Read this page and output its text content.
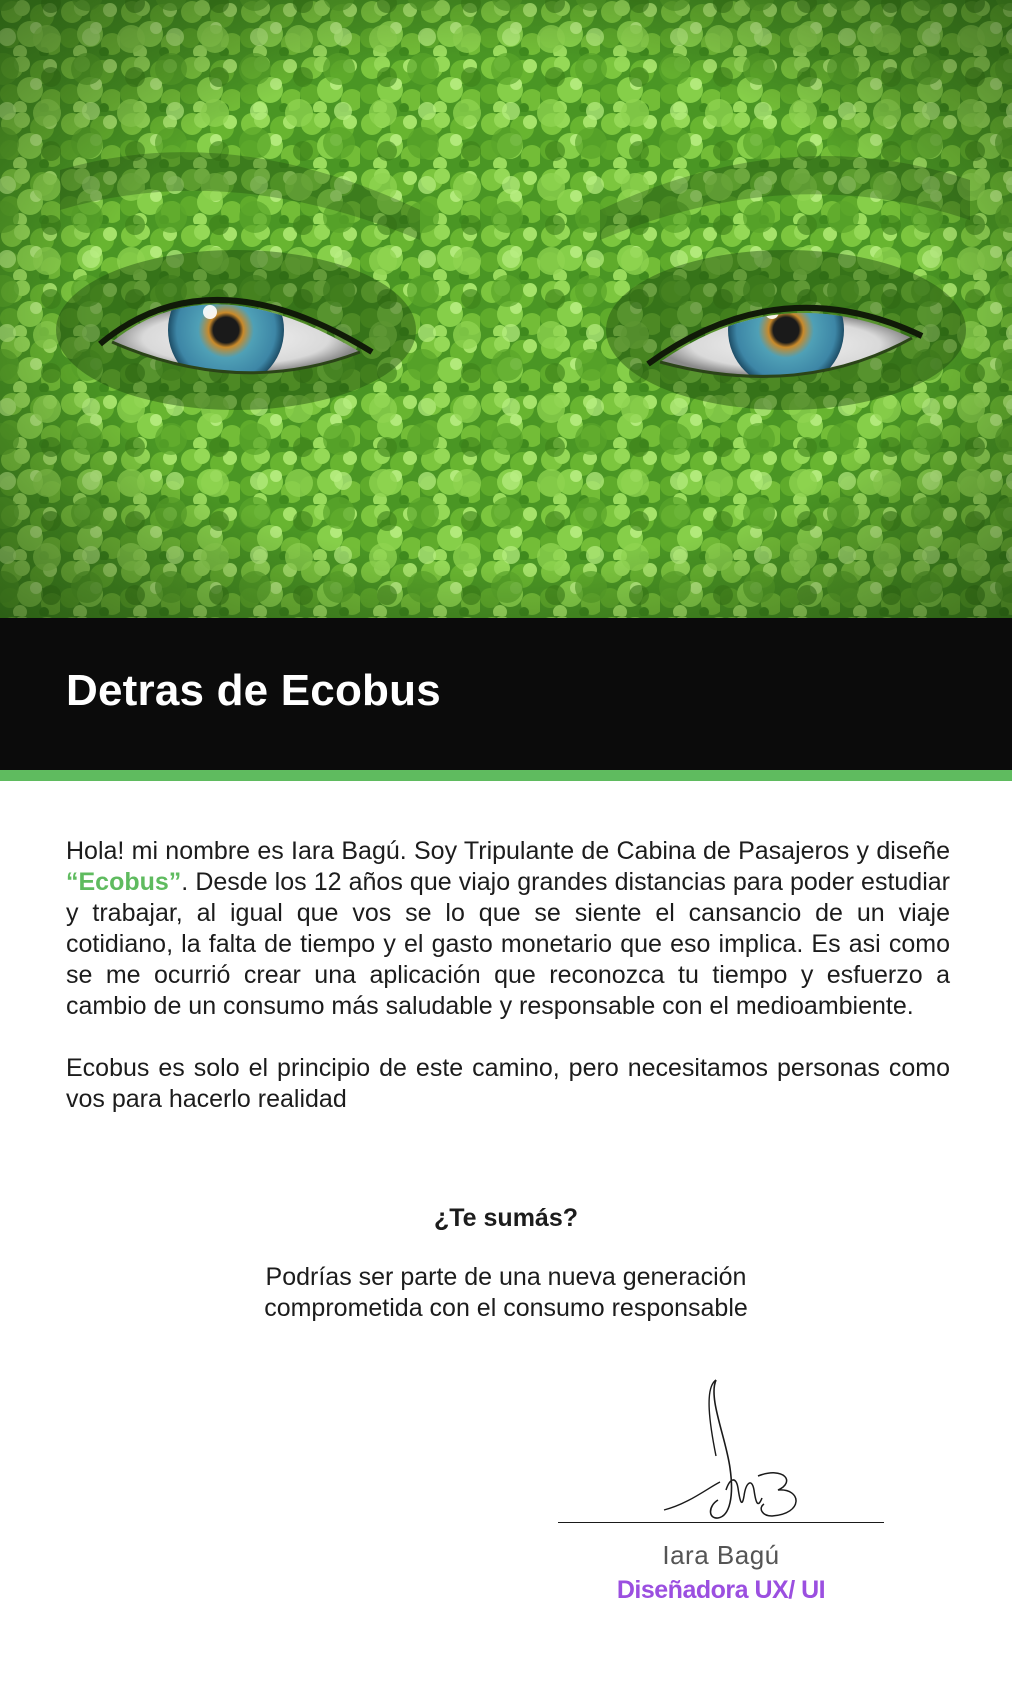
Detras de Ecobus

Hola! mi nombre es Iara Bagú. Soy Tripulante de Cabina de Pasajeros y diseñe “Ecobus”. Desde los 12 años que viajo grandes distancias para poder estudiar y trabajar, al igual que vos se lo que se siente el cansancio de un viaje cotidiano, la falta de tiempo y el gasto monetario que eso implica. Es asi como se me ocurrió crear una aplicación que reconozca tu tiempo y esfuerzo a cambio de un consumo más saludable y responsable con el medioambiente.

Ecobus es solo el principio de este camino, pero necesitamos personas como vos para hacerlo realidad

¿Te sumás?

Podrías ser parte de una nueva generación comprometida con el consumo responsable

Iara Bagú
Diseñadora UX/ UI
